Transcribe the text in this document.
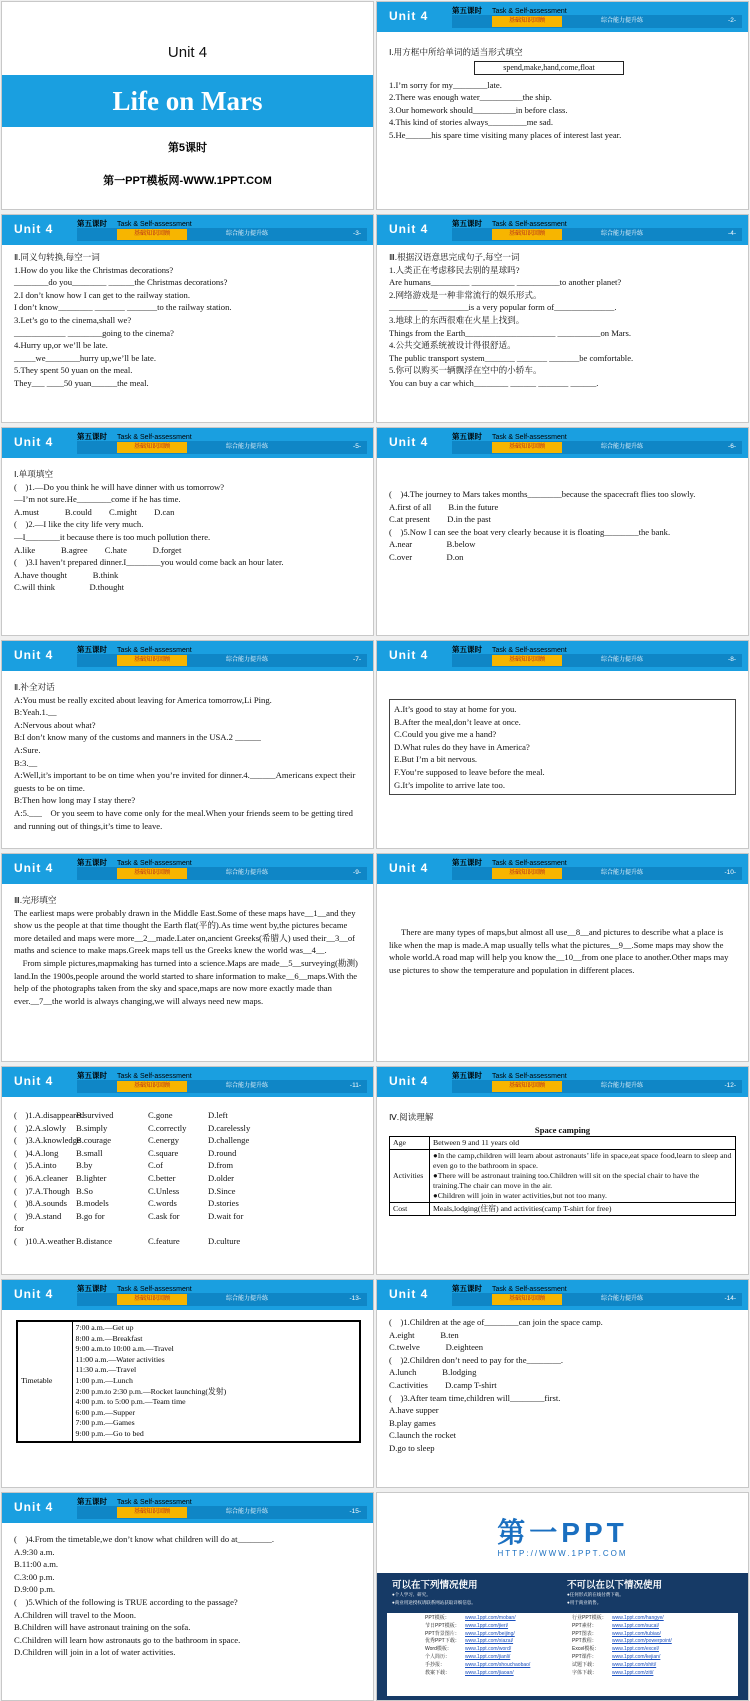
Unit 4
Life on Mars
第5课时
第一PPT模板网-WWW.1PPT.COM
Unit 4	第五课时 Task & Self-assessment
基础知识回顾	综合能力提升练	-2-

Ⅰ.用方框中所给单词的适当形式填空

spend,make,hand,come,float

1.I’m sorry for my________late.

2.There was enough water__________the ship.

3.Our homework should__________in before class.

4.This kind of stories always_________me sad.

5.He______his spare time visiting many places of interest last year.

Unit 4	第五课时 Task & Self-assessment
基础知识回顾	综合能力提升练	-3-

Ⅱ.同义句转换,每空一词

1.How do you like the Christmas decorations?

________do you________ ______the Christmas decorations?

2.I don’t know how I can get to the railway station.

I don’t know________ _______ _______to the railway station.

3.Let’s go to the cinema,shall we?

____________ ________going to the cinema?

4.Hurry up,or we’ll be late.

_____we________hurry up,we’ll be late.

5.They spent 50 yuan on the meal.

They___ ____50 yuan______the meal.

Unit 4	第五课时 Task & Self-assessment
基础知识回顾	综合能力提升练	-4-

Ⅲ.根据汉语意思完成句子,每空一词

1.人类正在考虑移民去别的星球吗?

Are humans_________ __________ __________to another planet?

2.网络游戏是一种非常流行的娱乐形式。

_________ _________is a very popular form of______________.

3.地球上的东西很难在火星上找到。

Things from the Earth_____________________ __________on Mars.

4.公共交通系统被设计得很舒适。

The public transport system_______ _______ _______be comfortable.

5.你可以购买一辆飘浮在空中的小轿车。

You can buy a car which________ ______ _______ ______.

Unit 4	第五课时 Task & Self-assessment
基础知识回顾	综合能力提升练	-5-

Ⅰ.单项填空

(　)1.—Do you think he will have dinner with us tomorrow?

—I’m not sure.He________come if he has time.

A.must　　　B.could　　C.might　　D.can

(　)2.—I like the city life very much.

—I________it because there is too much pollution there.

A.like　　　B.agree　　C.hate　　　D.forget

(　)3.I haven’t prepared dinner.I________you would come back an hour later.

A.have thought　　　B.think

C.will think　　　　D.thought

Unit 4	第五课时 Task & Self-assessment
基础知识回顾	综合能力提升练	-6-

(　)4.The journey to Mars takes months________because the spacecraft flies too slowly.

A.first of all　　B.in the future

C.at present　　D.in the past

(　)5.Now I can see the boat very clearly because it is floating________the bank.

A.near　　　　B.below

C.over　　　　D.on

Unit 4	第五课时 Task & Self-assessment
基础知识回顾	综合能力提升练	-7-

Ⅱ.补全对话

A:You must be really excited about leaving for America tomorrow,Li Ping.

B:Yeah.1.__

A:Nervous about what?

B:I don’t know many of the customs and manners in the USA.2 ______

A:Sure.

B:3.__

A:Well,it’s important to be on time when you’re invited for dinner.4.______Americans expect their guests to be on time.

B:Then how long may I stay there?

A:5.___　Or you seem to have come only for the meal.When your friends seem to be getting tired and running out of things,it’s time to leave.

Unit 4	第五课时 Task & Self-assessment
基础知识回顾	综合能力提升练	-8-

A.It’s good to stay at home for you.

B.After the meal,don’t leave at once.

C.Could you give me a hand?

D.What rules do they have in America?

E.But I’m a bit nervous.

F.You’re supposed to leave before the meal.

G.It’s impolite to arrive late too.

Unit 4	第五课时 Task & Self-assessment
基础知识回顾	综合能力提升练	-9-

Ⅲ.完形填空

The earliest maps were probably drawn in the Middle East.Some of these maps have__1__and they show us the people at that time thought the Earth flat(平的).As time went by,the pictures became more detailed and maps were more__2__made.Later on,ancient Greeks(希腊人) used their__3__of maths and science to make maps.Greek maps tell us the Greeks knew the world was__4__.

　From simple pictures,mapmaking has turned into a science.Maps are made__5__surveying(勘测) land.In the 1900s,people around the world started to share information to make__6__maps.With the help of the photographs taken from the sky and space,maps are now more exactly made than ever.__7__the world is always changing,we will always need new maps.

Unit 4	第五课时 Task & Self-assessment
基础知识回顾	综合能力提升练	-10-

There are many types of maps,but almost all use__8__and pictures to describe what a place is like when the map is made.A map usually tells what the pictures__9__.Some maps may show the whole world.A road map will help you know the__10__from one place to another.Other maps may use pictures to show the temperature and population in different places.

Unit 4	第五课时 Task & Self-assessment
基础知识回顾	综合能力提升练	-11-
(　)1.A.disappeared
B.survived	C.gone	D.left
(　)2.A.slowly	B.simply	C.correctly	D.carelessly
(　)3.A.knowledge
B.courage	C.energy	D.challenge
(　)4.A.long	B.small	C.square	D.round
(　)5.A.into	B.by	C.of	D.from
(　)6.A.cleaner B.lighter	C.better	D.older
(　)7.A.Though B.So	C.Unless	D.Since
(　)8.A.sounds	B.models	C.words	D.stories
(　)9.A.stand for
B.go for	C.ask for	D.wait for
(　)10.A.weather B.distance	C.feature	D.culture
Unit 4	第五课时 Task & Self-assessment
基础知识回顾	综合能力提升练	-12-

Ⅳ.阅读理解

Space camping

Age	Between 9 and 11 years old
Activities	●In the camp,children will learn about astronauts’ life in space,eat space food,learn to sleep and even go to the bathroom in space.

●There will be astronaut training too.Children will sit on the special chair to have the training.The chair can move in the air.

●Children will join in water activities,but not too many.

Cost	Meals,lodging(住宿) and activities(camp T-shirt for free)
Unit 4	第五课时 Task & Self-assessment
基础知识回顾	综合能力提升练	-13-
Timetable	

7:00 a.m.—Get up

8:00 a.m.—Breakfast

9:00 a.m.to 10:00 a.m.—Travel

11:00 a.m.—Water activities

11:30 a.m.—Travel

1:00 p.m.—Lunch

2:00 p.m.to 2:30 p.m.—Rocket launching(发射)

4:00 p.m. to 5:00 p.m.—Team time

6:00 p.m.—Supper

7:00 p.m.—Games

9:00 p.m.—Go to bed

Unit 4	第五课时 Task & Self-assessment
基础知识回顾	综合能力提升练	-14-

(　)1.Children at the age of________can join the space camp.

A.eight　　　B.ten

C.twelve　　　D.eighteen

(　)2.Children don’t need to pay for the________.

A.lunch　　　B.lodging

C.activities　　D.camp T-shirt

(　)3.After team time,children will________first.

A.have supper

B.play games

C.launch the rocket

D.go to sleep

Unit 4	第五课时 Task & Self-assessment
基础知识回顾	综合能力提升练	-15-

(　)4.From the timetable,we don’t know what children will do at________.

A.9:30 a.m.

B.11:00 a.m.

C.3:00 p.m.

D.9:00 p.m.

(　)5.Which of the following is TRUE according to the passage?

A.Children will travel to the Moon.

B.Children will have astronaut training on the sofa.

C.Children will learn how astronauts go to the bathroom in space.

D.Children will join in a lot of water activities.

第一PPT
HTTP://WWW.1PPT.COM
可以在下列情况使用
●个人学习、研究。
●商业用途授权请联系网站获取详细信息。
不可以在以下情况使用
●任何形式的在线付费下载。
●用于商业销售。
PPT模板：	www.1ppt.com/moban/
节日PPT模板： www.1ppt.com/jieri/
PPT背景图片： www.1ppt.com/beijing/
优秀PPT下载： www.1ppt.com/xiazai/
Word模板：	www.1ppt.com/word/
个人简历：	www.1ppt.com/jianli/
手抄报：	www.1ppt.com/shouchaobao/
教案下载：	www.1ppt.com/jiaoan/
行业PPT模板： www.1ppt.com/hangye/
PPT素材：	www.1ppt.com/sucai/
PPT图表：	www.1ppt.com/tubiao/
PPT教程：	www.1ppt.com/powerpoint/
Excel模板：	www.1ppt.com/excel/
PPT课件：	www.1ppt.com/kejian/
试题下载：	www.1ppt.com/shiti/
字体下载：	www.1ppt.com/ziti/
